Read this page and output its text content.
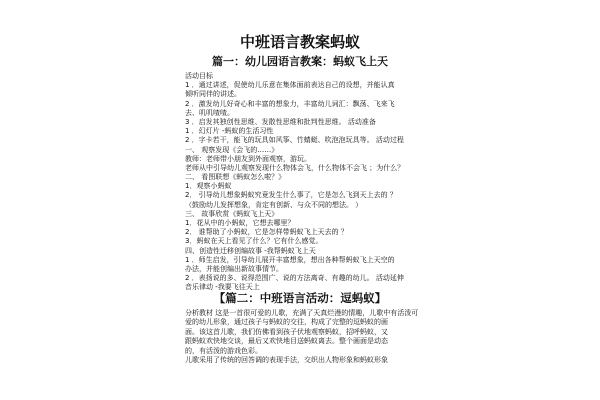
中班语言教案蚂蚁
篇一：幼儿园语言教案：蚂蚁飞上天
活动目标
1 ．通过讲述，促使幼儿乐意在集体面前表达自己的设想，并能认真
倾听同伴的讲述。
2 ．激发幼儿好奇心和丰富的想象力，丰富幼儿词汇：飘荡、飞来飞
去、叽叽喳喳。
3 ．启发其独创性思维、发散性思维和批判性思维。 活动准备
1 ．幻灯片 -蚂蚁的生活习性
2 ．字卡若干，能飞的玩具如风筝、竹蜻蜓、吹泡泡玩具等。 活动过程
一、 观察发现《会飞的……》
教师：老师带小朋友到外面观察，游玩。
老师从中引导幼儿观察发现什么物体会飞，什么物体不会飞 ；为什么？
二、 看图联想《蚂蚁怎么啦？》
1．观察小蚂蚁
2． 引导幼儿想象蚂蚁究竟发生什么事了，它是怎么飞到天上去的 ？
（鼓励幼儿发挥想象，肯定有创新、与众不同的想法。 ）
三、 故事欣赏《蚂蚁飞上天》
1．花从中的小蚂蚁，它想去哪里？
2． 谁帮助了小蚂蚁，它是怎样带蚂蚁飞上天去的 ？
3．蚂蚁在天上看见了什么？它有什么感觉。
四、创造性迁移创编故事 -我帮蚂蚁飞上天
1 ．师生启发，引导幼儿展开丰富想象，想出各种帮蚂蚁飞上天空的
办法，并能创编出新故事情节。
2 ．表扬说的多、说得范围广、说的方法离奇、有趣的幼儿。 活动延伸
音乐律动 -我要飞往天上
【篇二：中班语言活动：逗蚂蚁】
分析教材 这是一首很可爱的儿歌，充满了天真烂漫的情趣，儿歌中有活泼可
爱的幼儿形象，通过孩子与蚂蚁的交往，构成了完整的逗蚂蚁的画
面。该这首儿歌，我们仿佛看到孩子伏地观察蚂蚁，招呼蚂蚁，又
跟蚂蚁欢快地交谈，最后又欢快地目送蚂蚁离去。整个画面是动态
的，有活泼的游戏色彩。
儿歌采用了传统的回答调的表现手法，交织出人物形象和蚂蚁形象
